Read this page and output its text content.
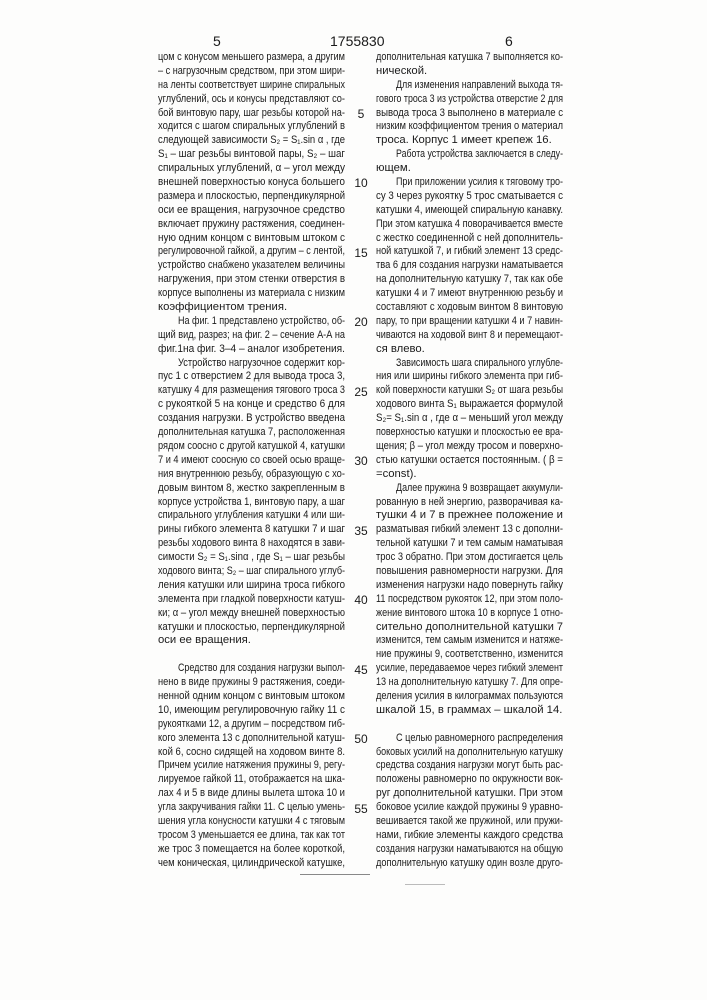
5	1755830	6
цом с конусом меньшего размера, а другим
– с нагрузочным средством, при этом шири-
на ленты соответствует ширине спиральных
углублений, ось и конусы представляют со-
бой винтовую пару, шаг резьбы которой на-
ходится с шагом спиральных углублений в
следующей зависимости S₂ = S₁.sin α , где
S₁ – шаг резьбы винтовой пары, S₂ – шаг
спиральных углублений, α – угол между
внешней поверхностью конуса большего
размера и плоскостью, перпендикулярной
оси ее вращения, нагрузочное средство
включает пружину растяжения, соединен-
ную одним концом с винтовым штоком с
регулировочной гайкой, а другим – с лентой,
устройство снабжено указателем величины
нагружения, при этом стенки отверстия в
корпусе выполнены из материала с низким
коэффициентом трения.
На фиг. 1 представлено устройство, об-
щий вид, разрез; на фиг. 2 – сечение А-А на
фиг.1на фиг. 3–4 – аналог изобретения.
Устройство нагрузочное содержит кор-
пус 1 с отверстием 2 для вывода троса 3,
катушку 4 для размещения тягового троса 3
с рукояткой 5 на конце и средство 6 для
создания нагрузки. В устройство введена
дополнительная катушка 7, расположенная
рядом соосно с другой катушкой 4, катушки
7 и 4 имеют соосную со своей осью враще-
ния внутреннюю резьбу, образующую с хо-
довым винтом 8, жестко закрепленным в
корпусе устройства 1, винтовую пару, а шаг
спирального углубления катушки 4 или ши-
рины гибкого элемента 8 катушки 7 и шаг
резьбы ходового винта 8 находятся в зави-
симости S₂ = S₁.sinα , где S₁ – шаг резьбы
ходового винта; S₂ – шаг спирального углуб-
ления катушки или ширина троса гибкого
элемента при гладкой поверхности катуш-
ки; α – угол между внешней поверхностью
катушки и плоскостью, перпендикулярной
оси ее вращения.
Средство для создания нагрузки выпол-
нено в виде пружины 9 растяжения, соеди-
ненной одним концом с винтовым штоком
10, имеющим регулировочную гайку 11 с
рукоятками 12, а другим – посредством гиб-
кого элемента 13 с дополнительной катуш-
кой 6, сосно сидящей на ходовом винте 8.
Причем усилие натяжения пружины 9, регу-
лируемое гайкой 11, отображается на шка-
лах 4 и 5 в виде длины вылета штока 10 и
угла закручивания гайки 11. С целью умень-
шения угла конусности катушки 4 с тяговым
тросом 3 уменьшается ее длина, так как тот
же трос 3 помещается на более короткой,
чем коническая, цилиндрической катушке,
дополнительная катушка 7 выполняется ко-
нической.
Для изменения направлений выхода тя-
гового троса 3 из устройства отверстие 2 для
вывода троса 3 выполнено в материале с
низким коэффициентом трения о материал
троса. Корпус 1 имеет крепеж 16.
Работа устройства заключается в следу-
ющем.
При приложении усилия к тяговому тро-
су 3 через рукоятку 5 трос сматывается с
катушки 4, имеющей спиральную канавку.
При этом катушка 4 поворачивается вместе
с жестко соединенной с ней дополнитель-
ной катушкой 7, и гибкий элемент 13 средс-
тва 6 для создания нагрузки наматывается
на дополнительную катушку 7, так как обе
катушки 4 и 7 имеют внутреннюю резьбу и
составляют с ходовым винтом 8 винтовую
пару, то при вращении катушки 4 и 7 навин-
чиваются на ходовой винт 8 и перемещают-
ся влево.
Зависимость шага спирального углубле-
ния или ширины гибкого элемента при гиб-
кой поверхности катушки S₂ от шага резьбы
ходового винта S₁ выражается формулой
S₂= S₁.sin α , где α – меньший угол между
поверхностью катушки и плоскостью ее вра-
щения; β – угол между тросом и поверхно-
стью катушки остается постоянным. ( β =
=const).
Далее пружина 9 возвращает аккумули-
рованную в ней энергию, разворачивая ка-
тушки 4 и 7 в прежнее положение и
разматывая гибкий элемент 13 с дополни-
тельной катушки 7 и тем самым наматывая
трос 3 обратно. При этом достигается цель
повышения равномерности нагрузки. Для
изменения нагрузки надо повернуть гайку
11 посредством рукояток 12, при этом поло-
жение винтового штока 10 в корпусе 1 отно-
сительно дополнительной катушки 7
изменится, тем самым изменится и натяже-
ние пружины 9, соответственно, изменится
усилие, передаваемое через гибкий элемент
13 на дополнительную катушку 7. Для опре-
деления усилия в килограммах пользуются
шкалой 15, в граммах – шкалой 14.
С целью равномерного распределения
боковых усилий на дополнительную катушку
средства создания нагрузки могут быть рас-
положены равномерно по окружности вок-
руг дополнительной катушки. При этом
боковое усилие каждой пружины 9 уравно-
вешивается такой же пружиной, или пружи-
нами, гибкие элементы каждого средства
создания нагрузки наматываются на общую
дополнительную катушку один возле друго-
5
10
15
20
25
30
35
40
45
50
55
